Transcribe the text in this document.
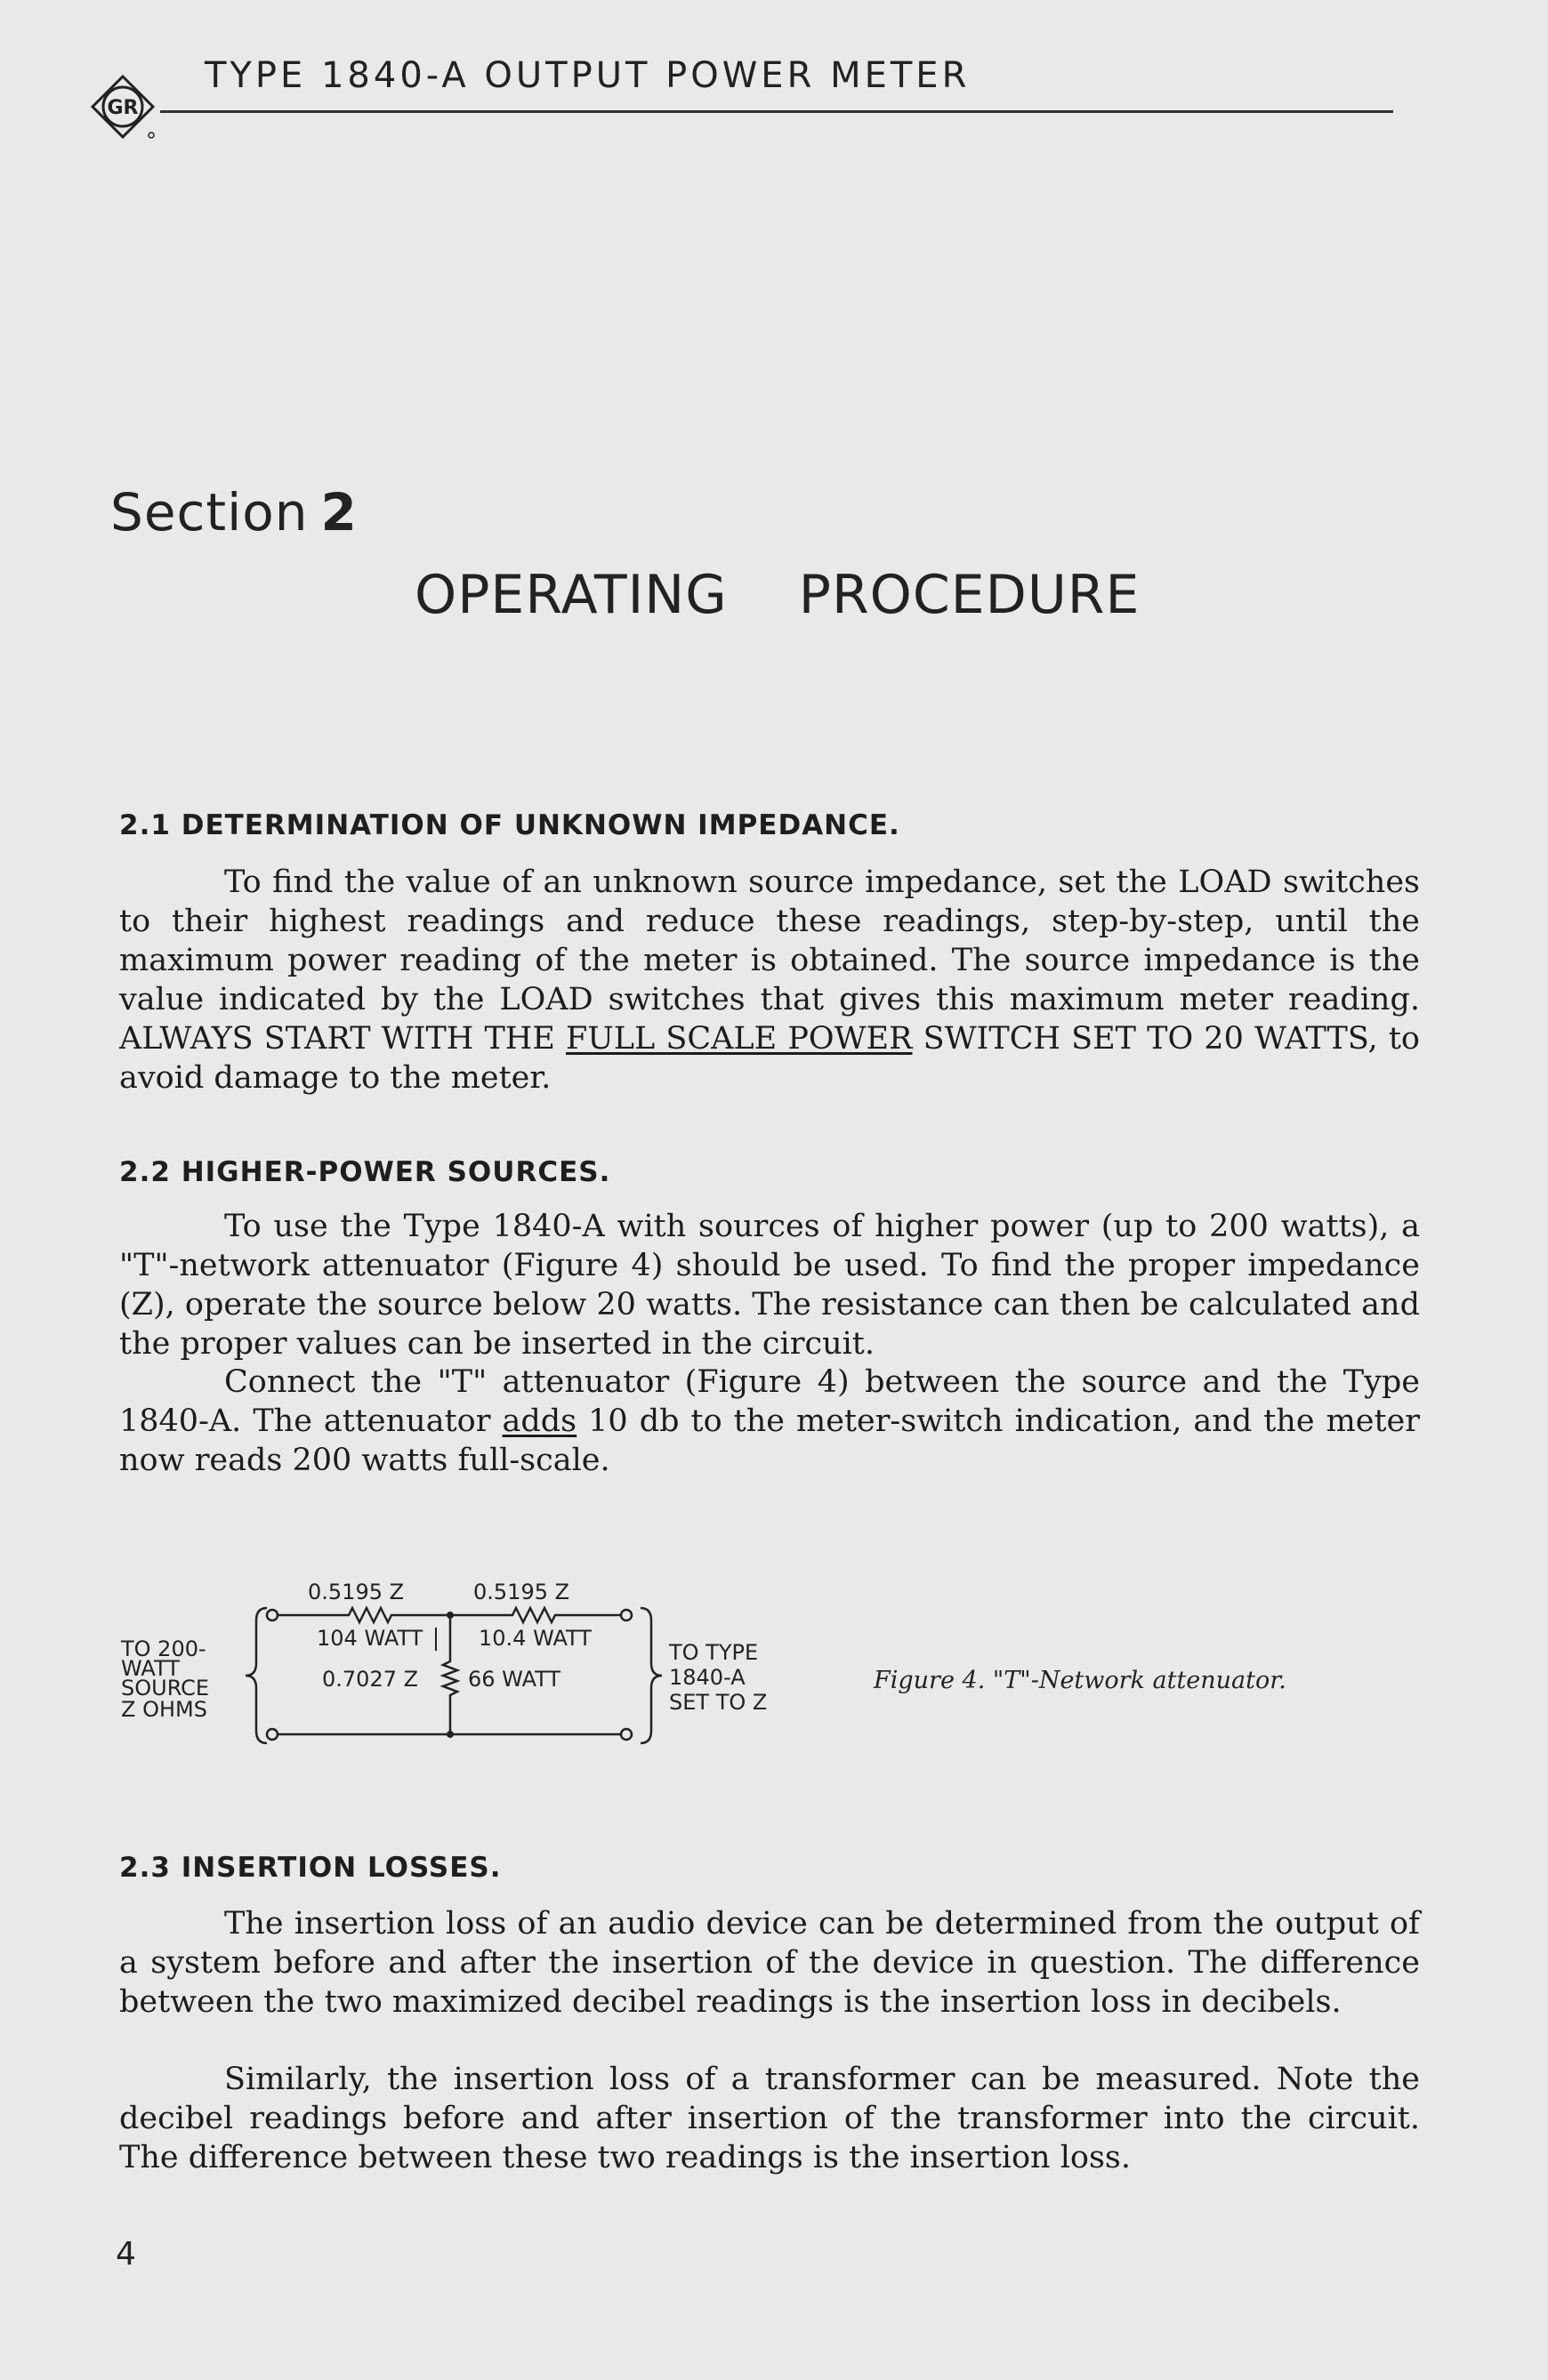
GR
TYPE 1840-A OUTPUT POWER METER
Section 2
OPERATING PROCEDURE
2.1 DETERMINATION OF UNKNOWN IMPEDANCE.
To find the value of an unknown source impedance, set the LOAD switches to their highest readings and reduce these readings, step-by-step, until the maximum power reading of the meter is obtained. The source impedance is the value indicated by the LOAD switches that gives this maximum meter reading. ALWAYS START WITH THE FULL SCALE POWER SWITCH SET TO 20 WATTS, to avoid damage to the meter.
2.2 HIGHER-POWER SOURCES.
To use the Type 1840-A with sources of higher power (up to 200 watts), a "T"-network attenuator (Figure 4) should be used. To find the proper impedance (Z), operate the source below 20 watts. The resistance can then be calculated and the proper values can be inserted in the circuit.
Connect the "T" attenuator (Figure 4) between the source and the Type 1840-A. The attenuator adds 10 db to the meter-switch indication, and the meter now reads 200 watts full-scale.
TO 200-
WATT
SOURCE
Z OHMS
0.5195 Z	0.5195 Z
104 WATT	10.4 WATT
0.7027 Z 66 WATT
TO TYPE
1840-A
SET TO Z
Figure 4. "T"-Network attenuator.
2.3 INSERTION LOSSES.
The insertion loss of an audio device can be determined from the output of a system before and after the insertion of the device in question. The difference between the two maximized decibel readings is the insertion loss in decibels.
Similarly, the insertion loss of a transformer can be measured. Note the decibel readings before and after insertion of the transformer into the circuit. The difference between these two readings is the insertion loss.
4
